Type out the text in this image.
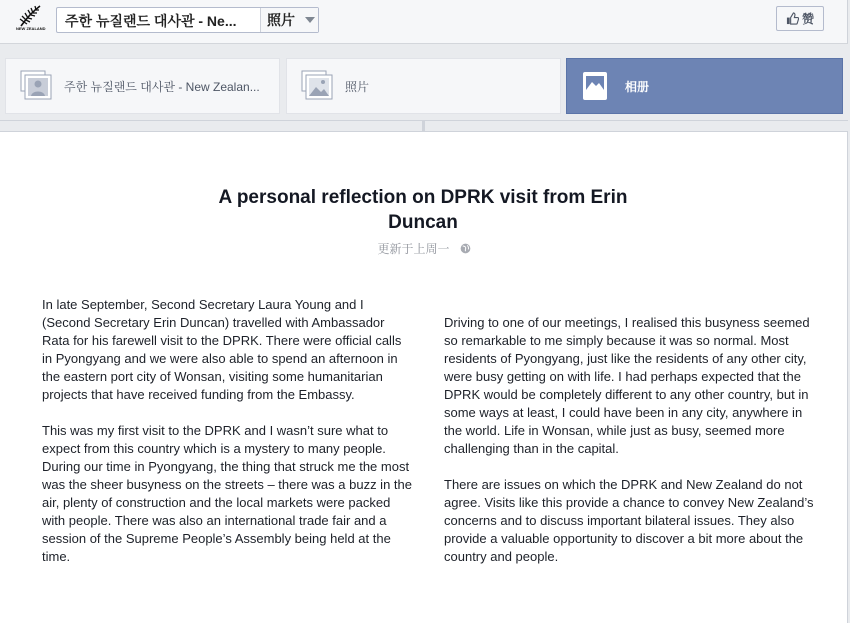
NEW ZEALAND	주한 뉴질랜드 대사관 - Ne...	照片	赞
주한 뉴질랜드 대사관 - New Zealan...	照片	相册
A personal reflection on DPRK visit from Erin Duncan
更新于上周一

In late September, Second Secretary Laura Young and I (Second Secretary Erin Duncan) travelled with Ambassador Rata for his farewell visit to the DPRK. There were official calls in Pyongyang and we were also able to spend an afternoon in the eastern port city of Wonsan, visiting some humanitarian projects that have received funding from the Embassy.

This was my first visit to the DPRK and I wasn’t sure what to expect from this country which is a mystery to many people. During our time in Pyongyang, the thing that struck me the most was the sheer busyness on the streets – there was a buzz in the air, plenty of construction and the local markets were packed with people. There was also an international trade fair and a session of the Supreme People’s Assembly being held at the time.

Driving to one of our meetings, I realised this busyness seemed so remarkable to me simply because it was so normal. Most residents of Pyongyang, just like the residents of any other city, were busy getting on with life. I had perhaps expected that the DPRK would be completely different to any other country, but in some ways at least, I could have been in any city, anywhere in the world. Life in Wonsan, while just as busy, seemed more challenging than in the capital.

There are issues on which the DPRK and New Zealand do not agree. Visits like this provide a chance to convey New Zealand’s concerns and to discuss important bilateral issues. They also provide a valuable opportunity to discover a bit more about the country and people.
